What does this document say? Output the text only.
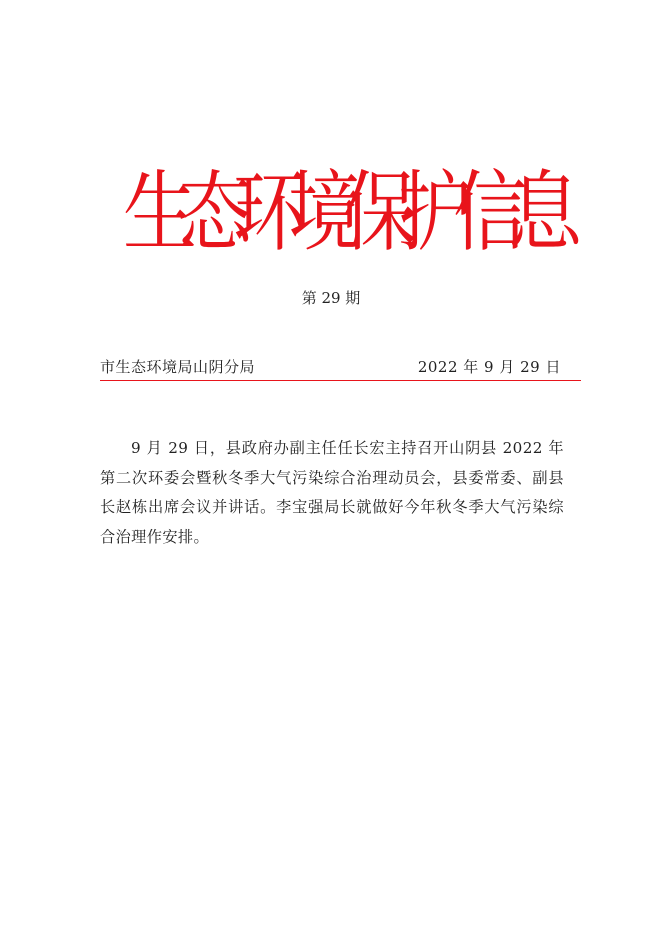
生态环境保护信息
第 29 期
市生态环境局山阴分局	2022 年 9 月 29 日
9 月 29 日，县政府办副主任任长宏主持召开山阴县 2022 年第二次环委会暨秋冬季大气污染综合治理动员会，县委常委、副县长赵栋出席会议并讲话。李宝强局长就做好今年秋冬季大气污染综合治理作安排。
